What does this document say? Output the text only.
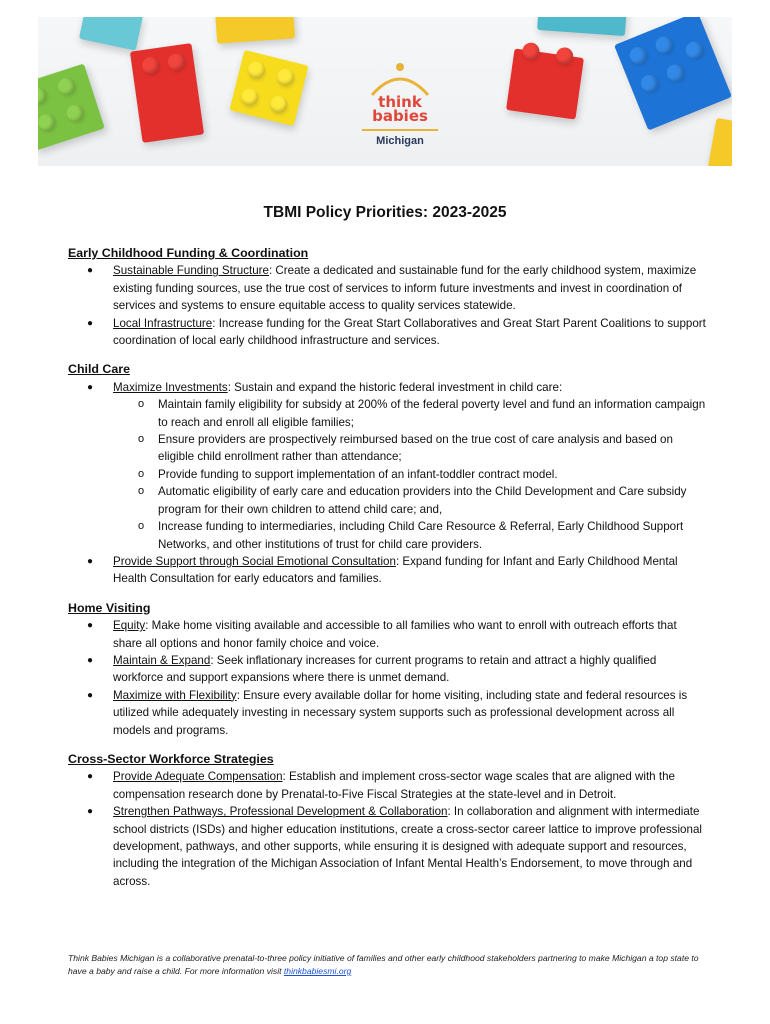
think
babies
Michigan
TBMI Policy Priorities: 2023-2025

Early Childhood Funding & Coordination

● Sustainable Funding Structure: Create a dedicated and sustainable fund for the early childhood system, maximize existing funding sources, use the true cost of services to inform future investments and invest in coordination of services and systems to ensure equitable access to quality services statewide.
● Local Infrastructure: Increase funding for the Great Start Collaboratives and Great Start Parent Coalitions to support coordination of local early childhood infrastructure and services.

Child Care

● Maximize Investments: Sustain and expand the historic federal investment in child care:
o Maintain family eligibility for subsidy at 200% of the federal poverty level and fund an information campaign to reach and enroll all eligible families;
o Ensure providers are prospectively reimbursed based on the true cost of care analysis and based on eligible child enrollment rather than attendance;
o Provide funding to support implementation of an infant-toddler contract model.
o Automatic eligibility of early care and education providers into the Child Development and Care subsidy program for their own children to attend child care; and,
o Increase funding to intermediaries, including Child Care Resource & Referral, Early Childhood Support Networks, and other institutions of trust for child care providers.
● Provide Support through Social Emotional Consultation: Expand funding for Infant and Early Childhood Mental Health Consultation for early educators and families.

Home Visiting

● Equity: Make home visiting available and accessible to all families who want to enroll with outreach efforts that share all options and honor family choice and voice.
● Maintain & Expand: Seek inflationary increases for current programs to retain and attract a highly qualified workforce and support expansions where there is unmet demand.
● Maximize with Flexibility: Ensure every available dollar for home visiting, including state and federal resources is utilized while adequately investing in necessary system supports such as professional development across all models and programs.

Cross-Sector Workforce Strategies

● Provide Adequate Compensation: Establish and implement cross-sector wage scales that are aligned with the compensation research done by Prenatal-to-Five Fiscal Strategies at the state-level and in Detroit.
● Strengthen Pathways, Professional Development & Collaboration: In collaboration and alignment with intermediate school districts (ISDs) and higher education institutions, create a cross-sector career lattice to improve professional development, pathways, and other supports, while ensuring it is designed with adequate support and resources, including the integration of the Michigan Association of Infant Mental Health’s Endorsement, to move through and across.
Think Babies Michigan is a collaborative prenatal-to-three policy initiative of families and other early childhood stakeholders partnering to make Michigan a top state to have a baby and raise a child. For more information visit thinkbabiesmi.org
